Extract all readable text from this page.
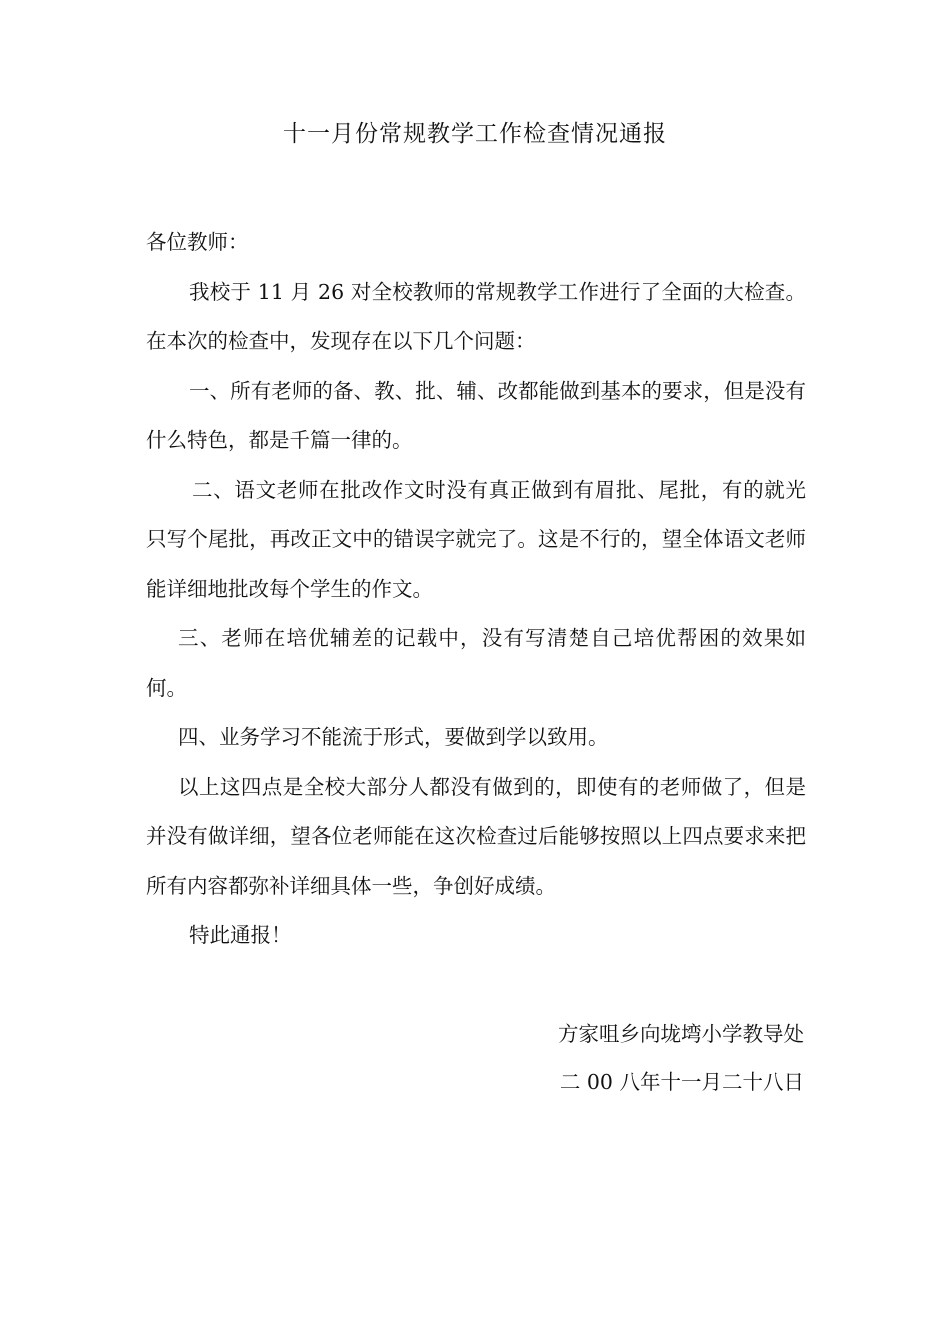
十一月份常规教学工作检查情况通报

各位教师：

我校于 11 月 26 对全校教师的常规教学工作进行了全面的大检查。在本次的检查中，发现存在以下几个问题：

一、所有老师的备、教、批、辅、改都能做到基本的要求，但是没有什么特色，都是千篇一律的。

二、语文老师在批改作文时没有真正做到有眉批、尾批，有的就光只写个尾批，再改正文中的错误字就完了。这是不行的，望全体语文老师能详细地批改每个学生的作文。

三、老师在培优辅差的记载中，没有写清楚自己培优帮困的效果如何。

四、业务学习不能流于形式，要做到学以致用。

以上这四点是全校大部分人都没有做到的，即使有的老师做了，但是并没有做详细，望各位老师能在这次检查过后能够按照以上四点要求来把所有内容都弥补详细具体一些，争创好成绩。

特此通报！

方家咀乡向垅塆小学教导处
二 00 八年十一月二十八日
